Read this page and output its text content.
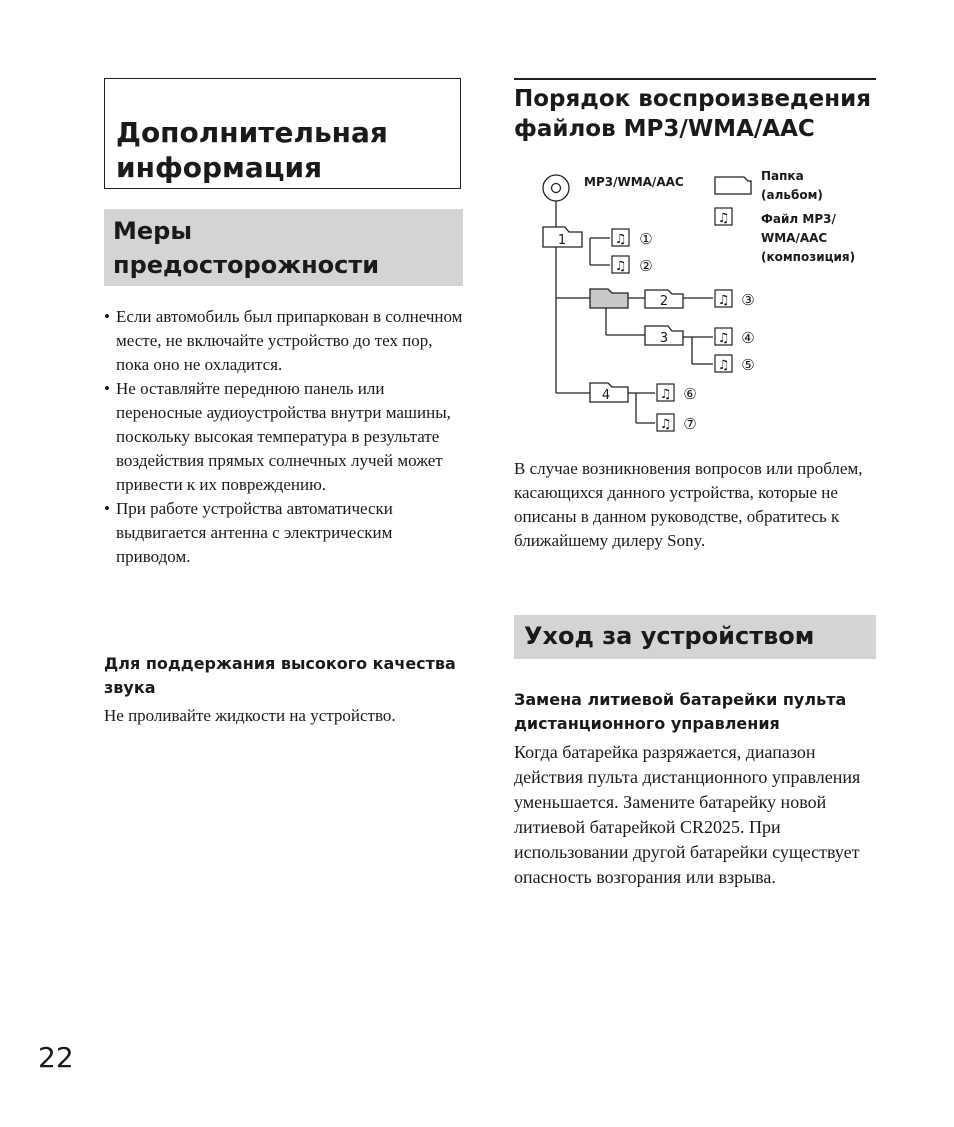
Дополнительная
информация
Меры
предосторожности
• Если автомобиль был припаркован в солнечном месте, не включайте устройство до тех пор, пока оно не охладится.
• Не оставляйте переднюю панель или переносные аудиоустройства внутри машины, поскольку высокая температура в результате воздействия прямых солнечных лучей может привести к их повреждению.
• При работе устройства автоматически выдвигается антенна с электрическим приводом.

Для поддержания высокого качества звука

Не проливайте жидкости на устройство.

Порядок воспроизведения
файлов MP3/WMA/AAC
1
2
3
4
♫
♫
♫
♫
♫
♫
♫
♫
①
②
③
④
⑤
⑥
⑦
MP3/WMA/AAC	Папка
(альбом)
Файл MP3/
WMA/AAC
(композиция)

В случае возникновения вопросов или проблем, касающихся данного устройства, которые не описаны в данном руководстве, обратитесь к ближайшему дилеру Sony.

Уход за устройством

Замена литиевой батарейки пульта дистанционного управления

Когда батарейка разряжается, диапазон действия пульта дистанционного управления уменьшается. Замените батарейку новой литиевой батарейкой CR2025. При использовании другой батарейки существует опасность возгорания или взрыва.

22
